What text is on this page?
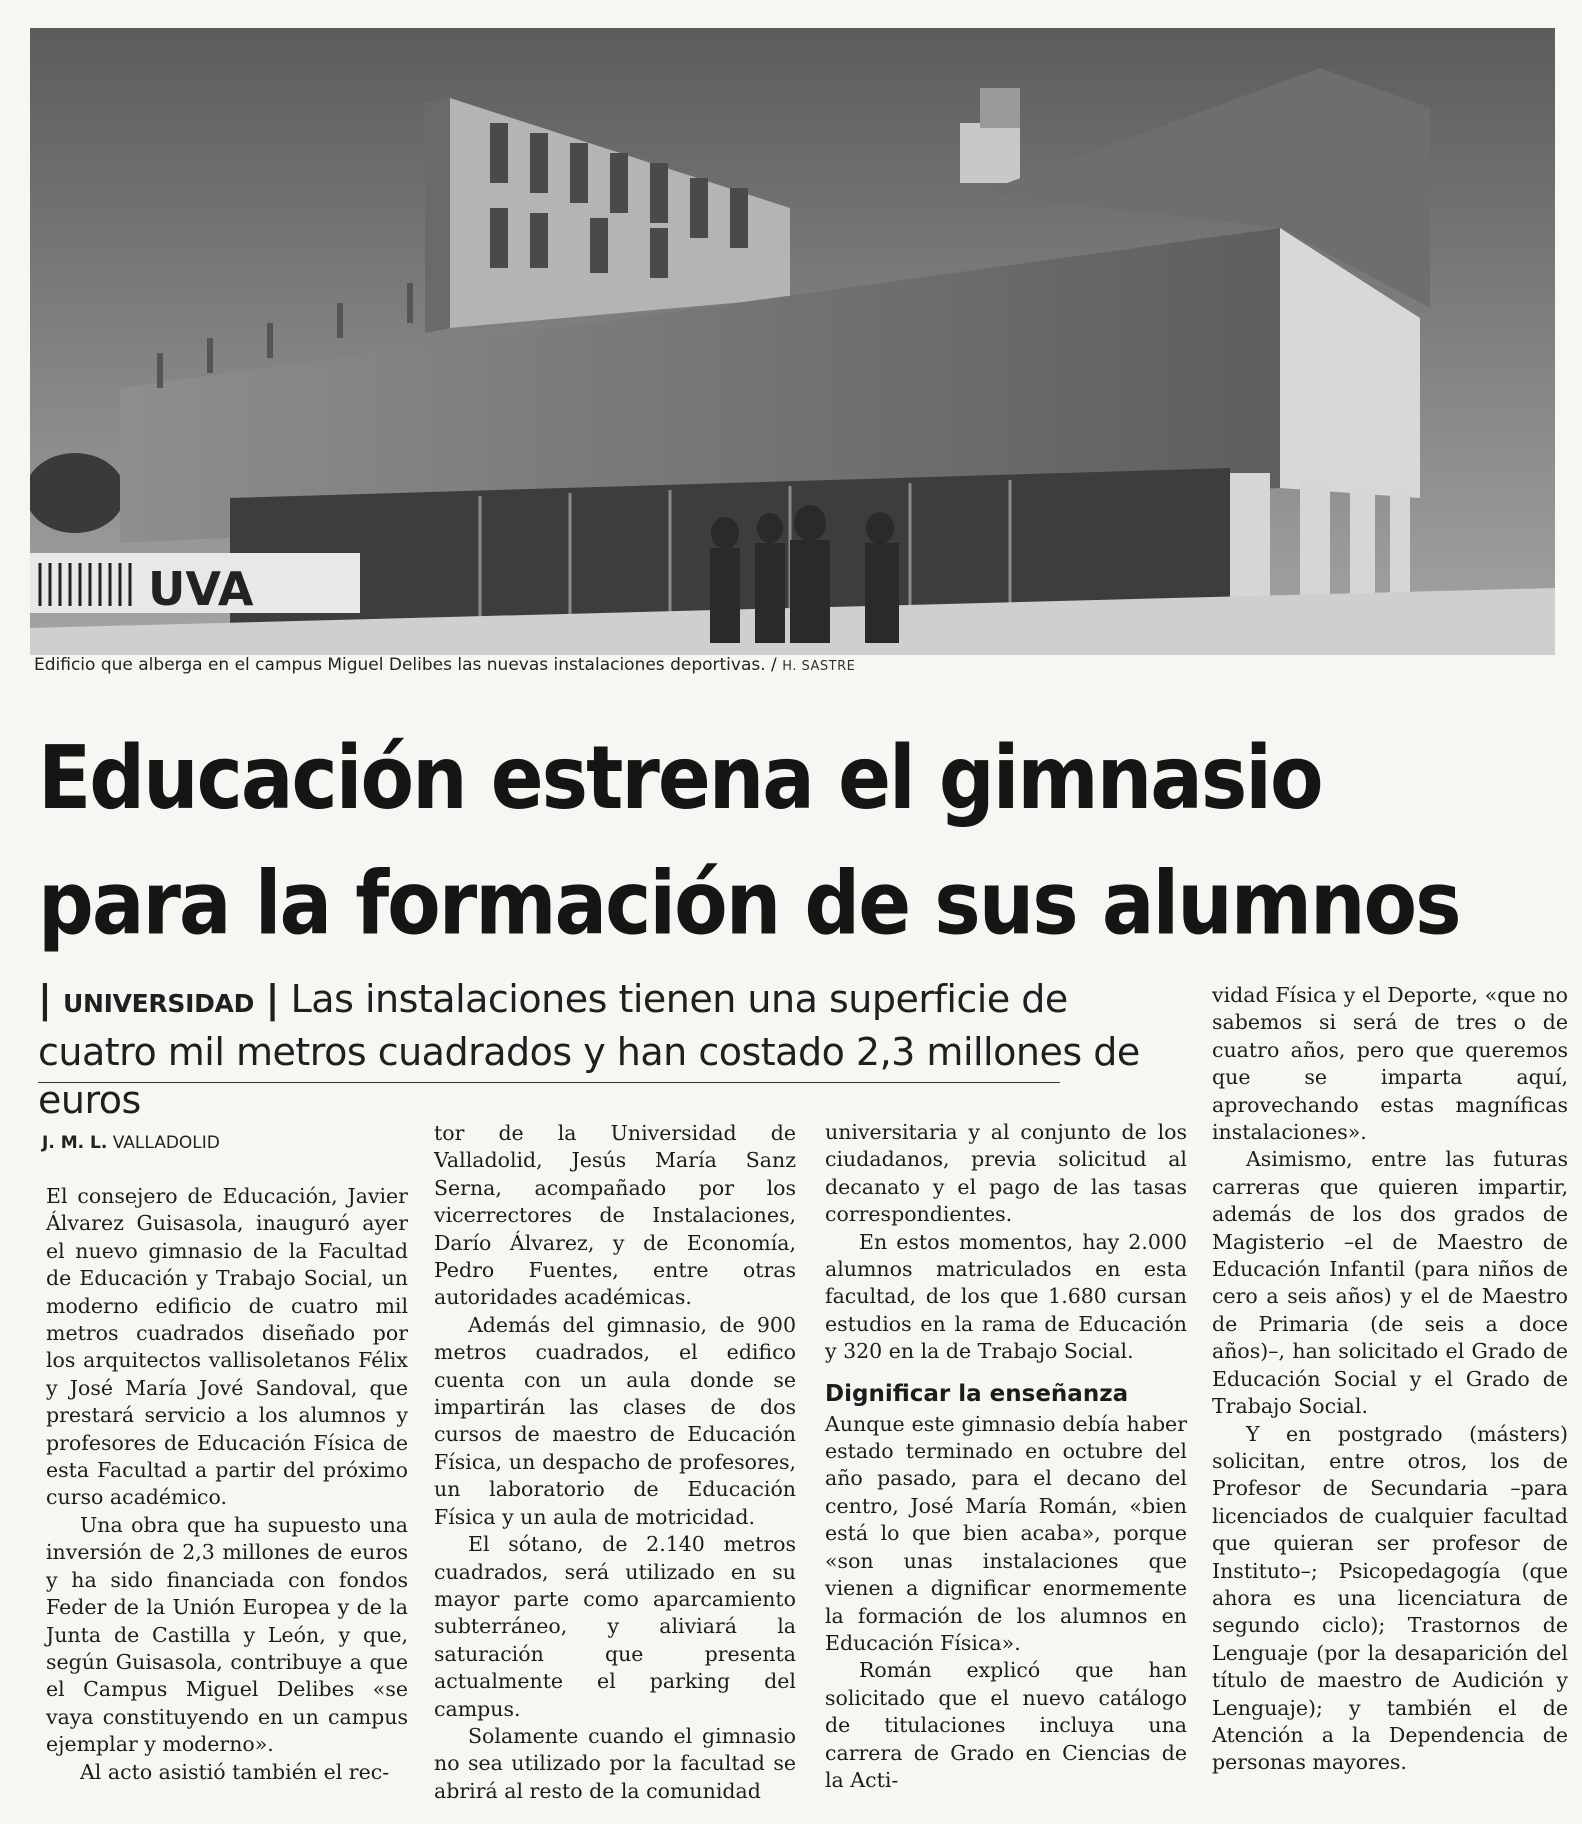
UVA
Edificio que alberga en el campus Miguel Delibes las nuevas instalaciones deportivas. / H. SASTRE
Educación estrena el gimnasio
para la formación de sus alumnos
| UNIVERSIDAD | Las instalaciones tienen una superficie de cuatro mil metros cuadrados y han costado 2,3 millones de euros
J. M. L. VALLADOLID

El consejero de Educación, Javier Álvarez Guisasola, inauguró ayer el nuevo gimnasio de la Facultad de Educación y Trabajo Social, un moderno edificio de cuatro mil metros cuadrados diseñado por los arquitectos vallisoletanos Félix y José María Jové Sandoval, que prestará servicio a los alumnos y profesores de Educación Física de esta Facultad a partir del próximo curso académico.

Una obra que ha supuesto una inversión de 2,3 millones de euros y ha sido financiada con fondos Feder de la Unión Europea y de la Junta de Castilla y León, y que, según Guisasola, contribuye a que el Campus Miguel Delibes «se vaya constituyendo en un campus ejemplar y moderno».

Al acto asistió también el rec-

tor de la Universidad de Valladolid, Jesús María Sanz Serna, acompañado por los vicerrectores de Instalaciones, Darío Álvarez, y de Economía, Pedro Fuentes, entre otras autoridades académicas.

Además del gimnasio, de 900 metros cuadrados, el edifico cuenta con un aula donde se impartirán las clases de dos cursos de maestro de Educación Física, un despacho de profesores, un laboratorio de Educación Física y un aula de motricidad.

El sótano, de 2.140 metros cuadrados, será utilizado en su mayor parte como aparcamiento subterráneo, y aliviará la saturación que presenta actualmente el parking del campus.

Solamente cuando el gimnasio no sea utilizado por la facultad se abrirá al resto de la comunidad

universitaria y al conjunto de los ciudadanos, previa solicitud al decanato y el pago de las tasas correspondientes.

En estos momentos, hay 2.000 alumnos matriculados en esta facultad, de los que 1.680 cursan estudios en la rama de Educación y 320 en la de Trabajo Social.

Dignificar la enseñanza

Aunque este gimnasio debía haber estado terminado en octubre del año pasado, para el decano del centro, José María Román, «bien está lo que bien acaba», porque «son unas instalaciones que vienen a dignificar enormemente la formación de los alumnos en Educación Física».

Román explicó que han solicitado que el nuevo catálogo de titulaciones incluya una carrera de Grado en Ciencias de la Acti-

vidad Física y el Deporte, «que no sabemos si será de tres o de cuatro años, pero que queremos que se imparta aquí, aprovechando estas magníficas instalaciones».

Asimismo, entre las futuras carreras que quieren impartir, además de los dos grados de Magisterio –el de Maestro de Educación Infantil (para niños de cero a seis años) y el de Maestro de Primaria (de seis a doce años)–, han solicitado el Grado de Educación Social y el Grado de Trabajo Social.

Y en postgrado (másters) solicitan, entre otros, los de Profesor de Secundaria –para licenciados de cualquier facultad que quieran ser profesor de Instituto–; Psicopedagogía (que ahora es una licenciatura de segundo ciclo); Trastornos de Lenguaje (por la desaparición del título de maestro de Audición y Lenguaje); y también el de Atención a la Dependencia de personas mayores.
